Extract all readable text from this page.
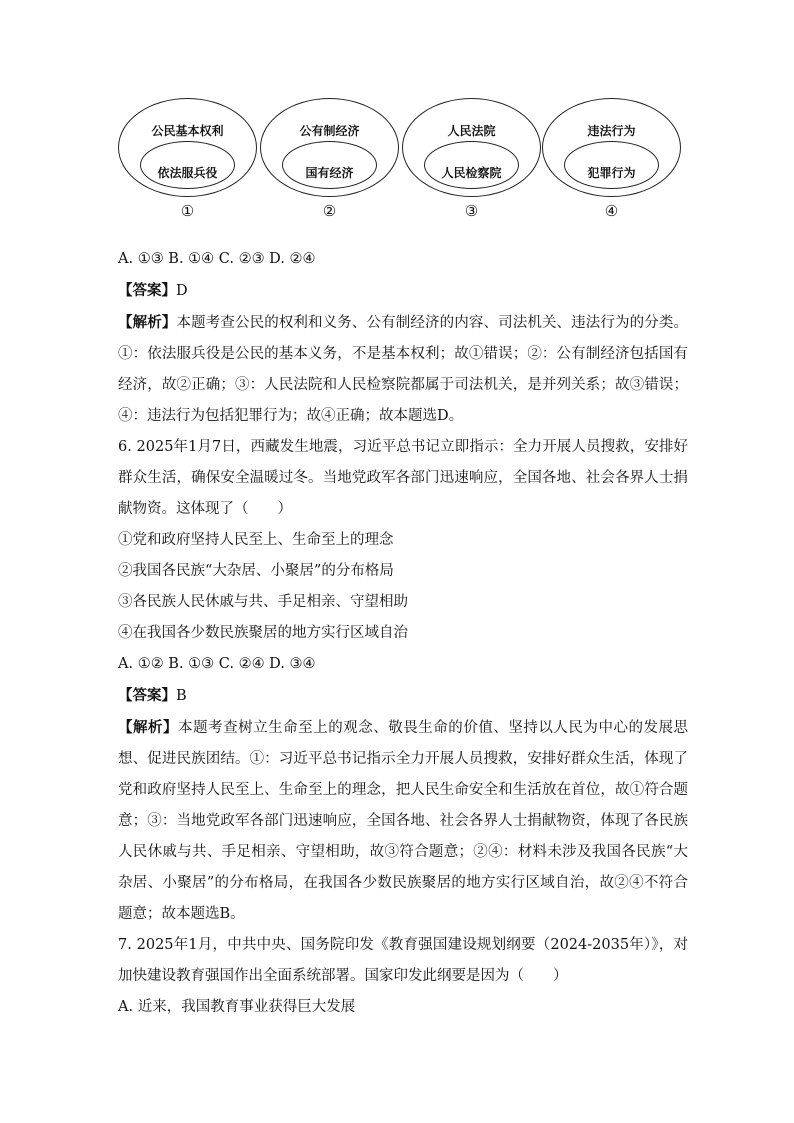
公民基本权利
依法服兵役
公有制经济
国有经济
人民法院
人民检察院
违法行为
犯罪行为
①	②	③	④

A. ①③ B. ①④ C. ②③ D. ②④

【答案】D

【解析】本题考查公民的权利和义务、公有制经济的内容、司法机关、违法行为的分类。①：依法服兵役是公民的基本义务，不是基本权利；故①错误；②：公有制经济包括国有经济，故②正确；③：人民法院和人民检察院都属于司法机关，是并列关系；故③错误；④：违法行为包括犯罪行为；故④正确；故本题选D。

6. 2025年1月7日，西藏发生地震，习近平总书记立即指示：全力开展人员搜救，安排好群众生活，确保安全温暖过冬。当地党政军各部门迅速响应，全国各地、社会各界人士捐献物资。这体现了（　　）

①党和政府坚持人民至上、生命至上的理念

②我国各民族“大杂居、小聚居”的分布格局

③各民族人民休戚与共、手足相亲、守望相助

④在我国各少数民族聚居的地方实行区域自治

A. ①② B. ①③ C. ②④ D. ③④

【答案】B

【解析】本题考查树立生命至上的观念、敬畏生命的价值、坚持以人民为中心的发展思想、促进民族团结。①：习近平总书记指示全力开展人员搜救，安排好群众生活，体现了党和政府坚持人民至上、生命至上的理念，把人民生命安全和生活放在首位，故①符合题意；③：当地党政军各部门迅速响应，全国各地、社会各界人士捐献物资，体现了各民族人民休戚与共、手足相亲、守望相助，故③符合题意；②④：材料未涉及我国各民族“大杂居、小聚居”的分布格局，在我国各少数民族聚居的地方实行区域自治，故②④不符合题意；故本题选B。

7. 2025年1月，中共中央、国务院印发《教育强国建设规划纲要（2024-2035年）》，对加快建设教育强国作出全面系统部署。国家印发此纲要是因为（　　）

A. 近来，我国教育事业获得巨大发展
